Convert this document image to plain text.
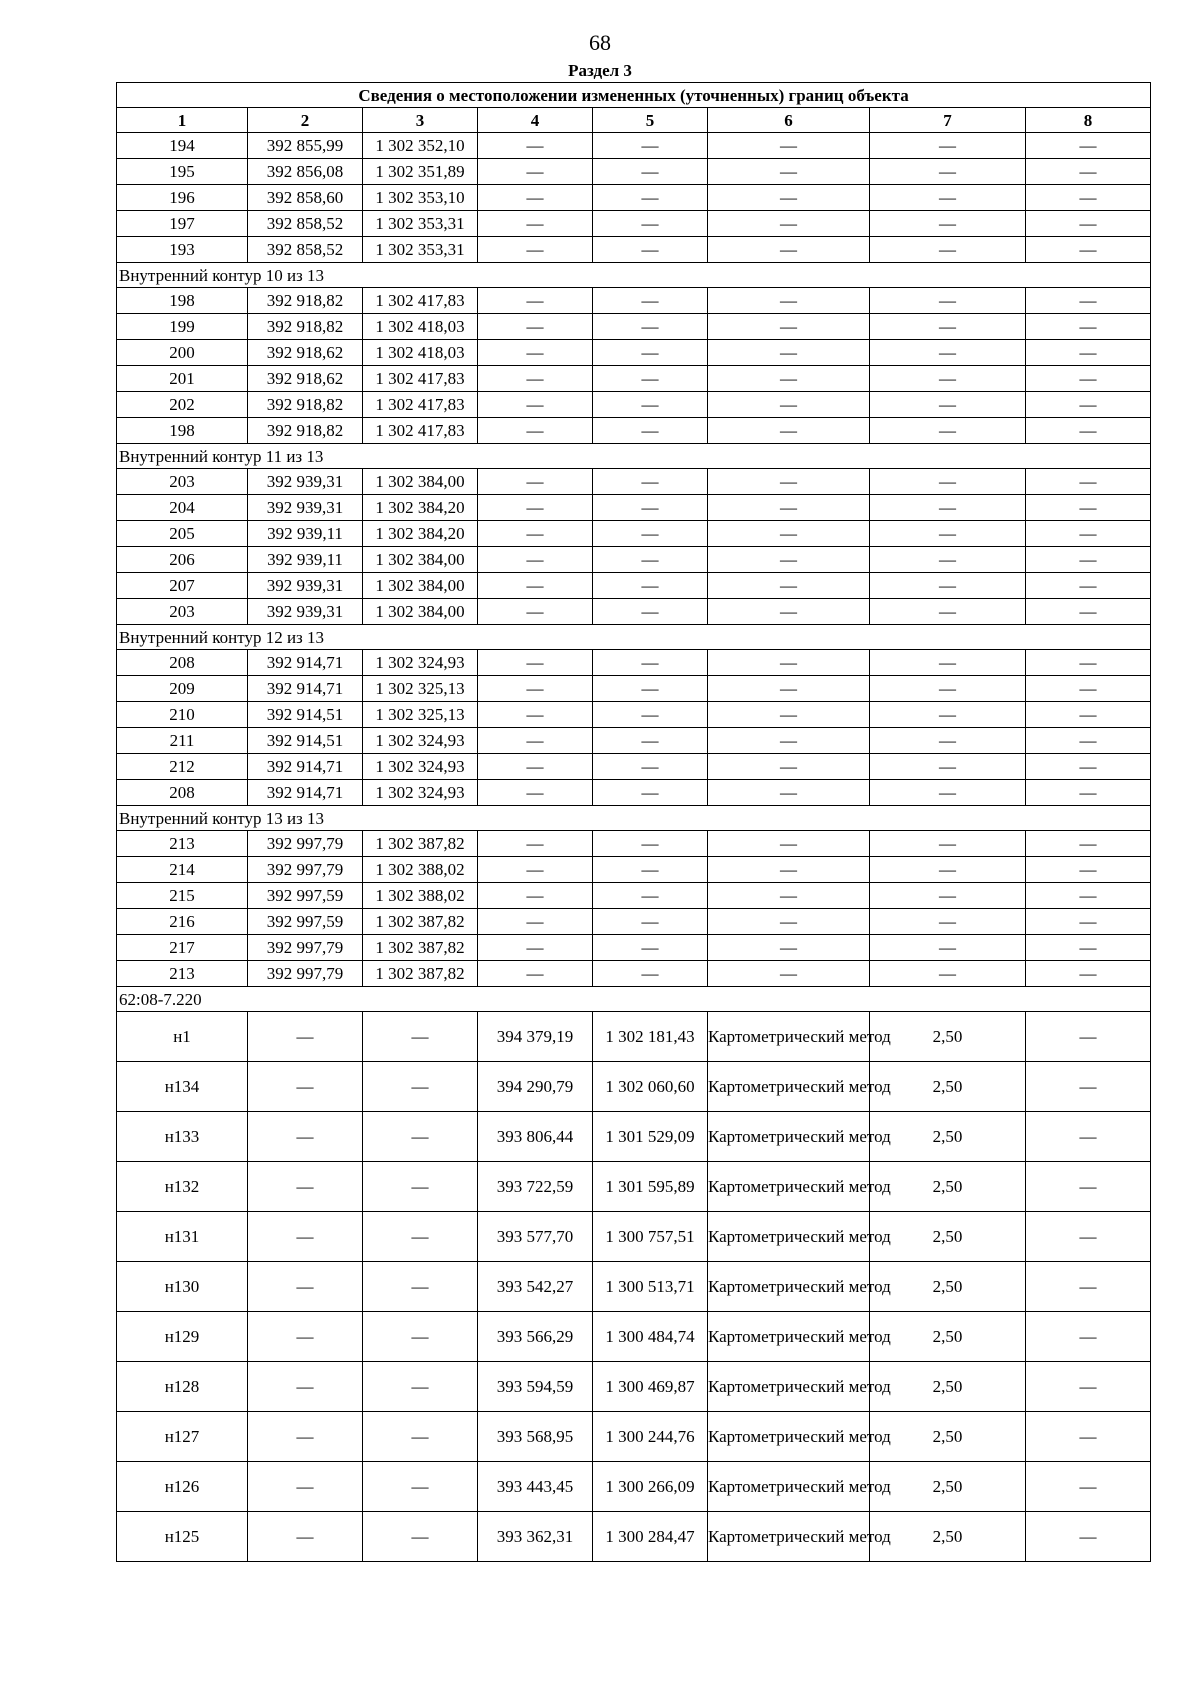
68
Раздел 3
Сведения о местоположении измененных (уточненных) границ объекта							
1	2	3	4	5	6	7	8
194	392 855,99	1 302 352,10	—	—	—	—	—
195	392 856,08	1 302 351,89	—	—	—	—	—
196	392 858,60	1 302 353,10	—	—	—	—	—
197	392 858,52	1 302 353,31	—	—	—	—	—
193	392 858,52	1 302 353,31	—	—	—	—	—
Внутренний контур 10 из 13							
198	392 918,82	1 302 417,83	—	—	—	—	—
199	392 918,82	1 302 418,03	—	—	—	—	—
200	392 918,62	1 302 418,03	—	—	—	—	—
201	392 918,62	1 302 417,83	—	—	—	—	—
202	392 918,82	1 302 417,83	—	—	—	—	—
198	392 918,82	1 302 417,83	—	—	—	—	—
Внутренний контур 11 из 13							
203	392 939,31	1 302 384,00	—	—	—	—	—
204	392 939,31	1 302 384,20	—	—	—	—	—
205	392 939,11	1 302 384,20	—	—	—	—	—
206	392 939,11	1 302 384,00	—	—	—	—	—
207	392 939,31	1 302 384,00	—	—	—	—	—
203	392 939,31	1 302 384,00	—	—	—	—	—
Внутренний контур 12 из 13							
208	392 914,71	1 302 324,93	—	—	—	—	—
209	392 914,71	1 302 325,13	—	—	—	—	—
210	392 914,51	1 302 325,13	—	—	—	—	—
211	392 914,51	1 302 324,93	—	—	—	—	—
212	392 914,71	1 302 324,93	—	—	—	—	—
208	392 914,71	1 302 324,93	—	—	—	—	—
Внутренний контур 13 из 13							
213	392 997,79	1 302 387,82	—	—	—	—	—
214	392 997,79	1 302 388,02	—	—	—	—	—
215	392 997,59	1 302 388,02	—	—	—	—	—
216	392 997,59	1 302 387,82	—	—	—	—	—
217	392 997,79	1 302 387,82	—	—	—	—	—
213	392 997,79	1 302 387,82	—	—	—	—	—
62:08-7.220							
н1	—	—	394 379,19	1 302 181,43	Картометрический метод	2,50	—
н134	—	—	394 290,79	1 302 060,60	Картометрический метод	2,50	—
н133	—	—	393 806,44	1 301 529,09	Картометрический метод	2,50	—
н132	—	—	393 722,59	1 301 595,89	Картометрический метод	2,50	—
н131	—	—	393 577,70	1 300 757,51	Картометрический метод	2,50	—
н130	—	—	393 542,27	1 300 513,71	Картометрический метод	2,50	—
н129	—	—	393 566,29	1 300 484,74	Картометрический метод	2,50	—
н128	—	—	393 594,59	1 300 469,87	Картометрический метод	2,50	—
н127	—	—	393 568,95	1 300 244,76	Картометрический метод	2,50	—
н126	—	—	393 443,45	1 300 266,09	Картометрический метод	2,50	—
н125	—	—	393 362,31	1 300 284,47	Картометрический метод	2,50	—
